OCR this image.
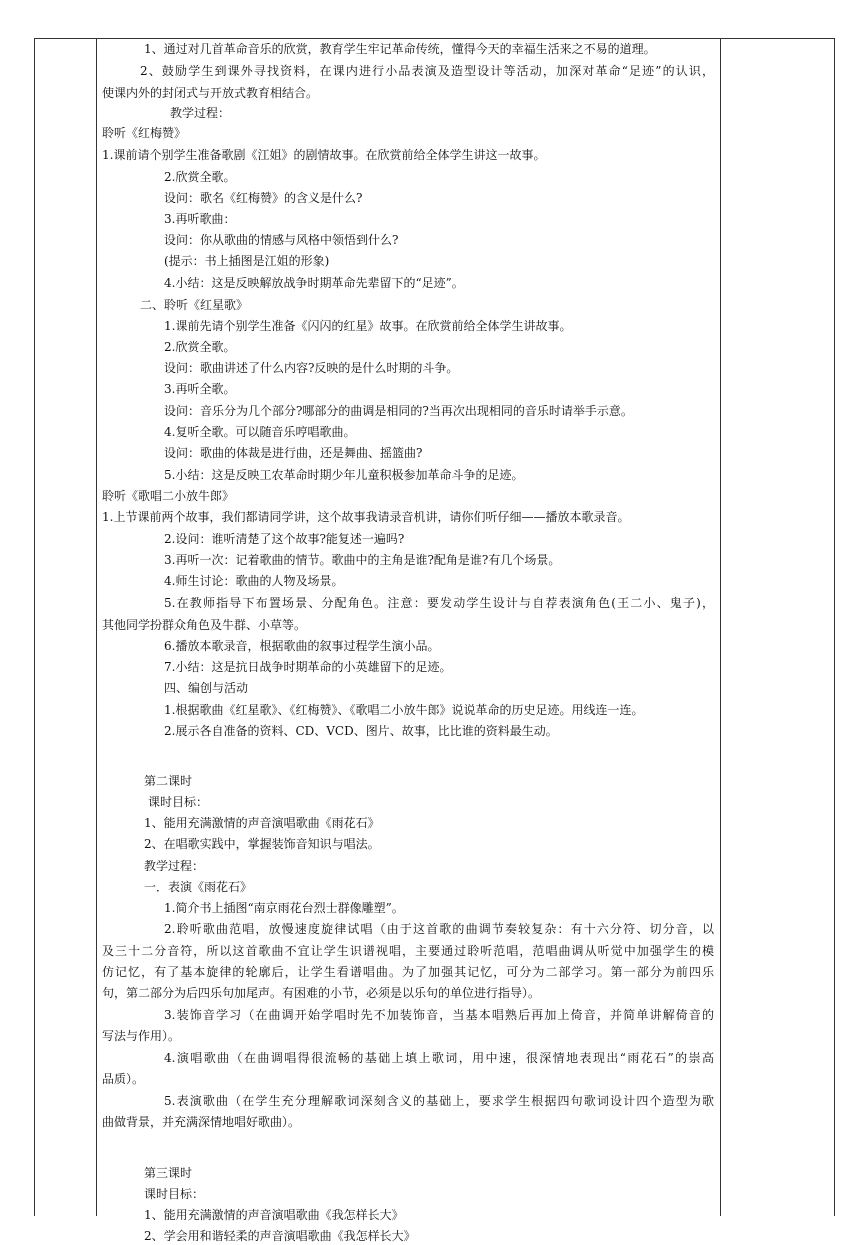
1、通过对几首革命音乐的欣赏，教育学生牢记革命传统，懂得今天的幸福生活来之不易的道理。
2、鼓励学生到课外寻找资料，在课内进行小品表演及造型设计等活动，加深对革命“足迹”的认识，
使课内外的封闭式与开放式教育相结合。
教学过程：
聆听《红梅赞》
1.课前请个别学生准备歌剧《江姐》的剧情故事。在欣赏前给全体学生讲这一故事。
2.欣赏全歌。
设问：歌名《红梅赞》的含义是什么?
3.再听歌曲：
设问：你从歌曲的情感与风格中领悟到什么?
(提示：书上插图是江姐的形象)
4.小结：这是反映解放战争时期革命先辈留下的“足迹”。
二、聆听《红星歌》
1.课前先请个别学生准备《闪闪的红星》故事。在欣赏前给全体学生讲故事。
2.欣赏全歌。
设问：歌曲讲述了什么内容?反映的是什么时期的斗争。
3.再听全歌。
设问：音乐分为几个部分?哪部分的曲调是相同的?当再次出现相同的音乐时请举手示意。
4.复听全歌。可以随音乐哼唱歌曲。
设问：歌曲的体裁是进行曲，还是舞曲、摇篮曲?
5.小结：这是反映工农革命时期少年儿童积极参加革命斗争的足迹。
聆听《歌唱二小放牛郎》
1.上节课前两个故事，我们都请同学讲，这个故事我请录音机讲，请你们听仔细——播放本歌录音。
2.设问：谁听清楚了这个故事?能复述一遍吗?
3.再听一次：记着歌曲的情节。歌曲中的主角是谁?配角是谁?有几个场景。
4.师生讨论：歌曲的人物及场景。
5.在教师指导下布置场景、分配角色。注意：要发动学生设计与自荐表演角色(王二小、鬼子)，
其他同学扮群众角色及牛群、小草等。
6.播放本歌录音，根据歌曲的叙事过程学生演小品。
7.小结：这是抗日战争时期革命的小英雄留下的足迹。
四、编创与活动
1.根据歌曲《红星歌》、《红梅赞》、《歌唱二小放牛郎》说说革命的历史足迹。用线连一连。
2.展示各自准备的资料、CD、VCD、图片、故事，比比谁的资料最生动。
第二课时
课时目标：
1、能用充满激情的声音演唱歌曲《雨花石》
2、在唱歌实践中，掌握装饰音知识与唱法。
教学过程：
一．表演《雨花石》
1.简介书上插图“南京雨花台烈士群像雕塑”。
2.聆听歌曲范唱，放慢速度旋律试唱（由于这首歌的曲调节奏较复杂：有十六分符、切分音，以
及三十二分音符，所以这首歌曲不宜让学生识谱视唱，主要通过聆听范唱，范唱曲调从听觉中加强学生的模
仿记忆，有了基本旋律的轮廓后，让学生看谱唱曲。为了加强其记忆，可分为二部学习。第一部分为前四乐
句，第二部分为后四乐句加尾声。有困难的小节，必须是以乐句的单位进行指导）。
3.装饰音学习（在曲调开始学唱时先不加装饰音，当基本唱熟后再加上倚音，并简单讲解倚音的
写法与作用）。
4.演唱歌曲（在曲调唱得很流畅的基础上填上歌词，用中速，很深情地表现出“雨花石”的崇高
品质）。
5.表演歌曲（在学生充分理解歌词深刻含义的基础上，要求学生根据四句歌词设计四个造型为歌
曲做背景，并充满深情地唱好歌曲）。
第三课时
课时目标：
1、能用充满激情的声音演唱歌曲《我怎样长大》
2、学会用和谐轻柔的声音演唱歌曲《我怎样长大》
